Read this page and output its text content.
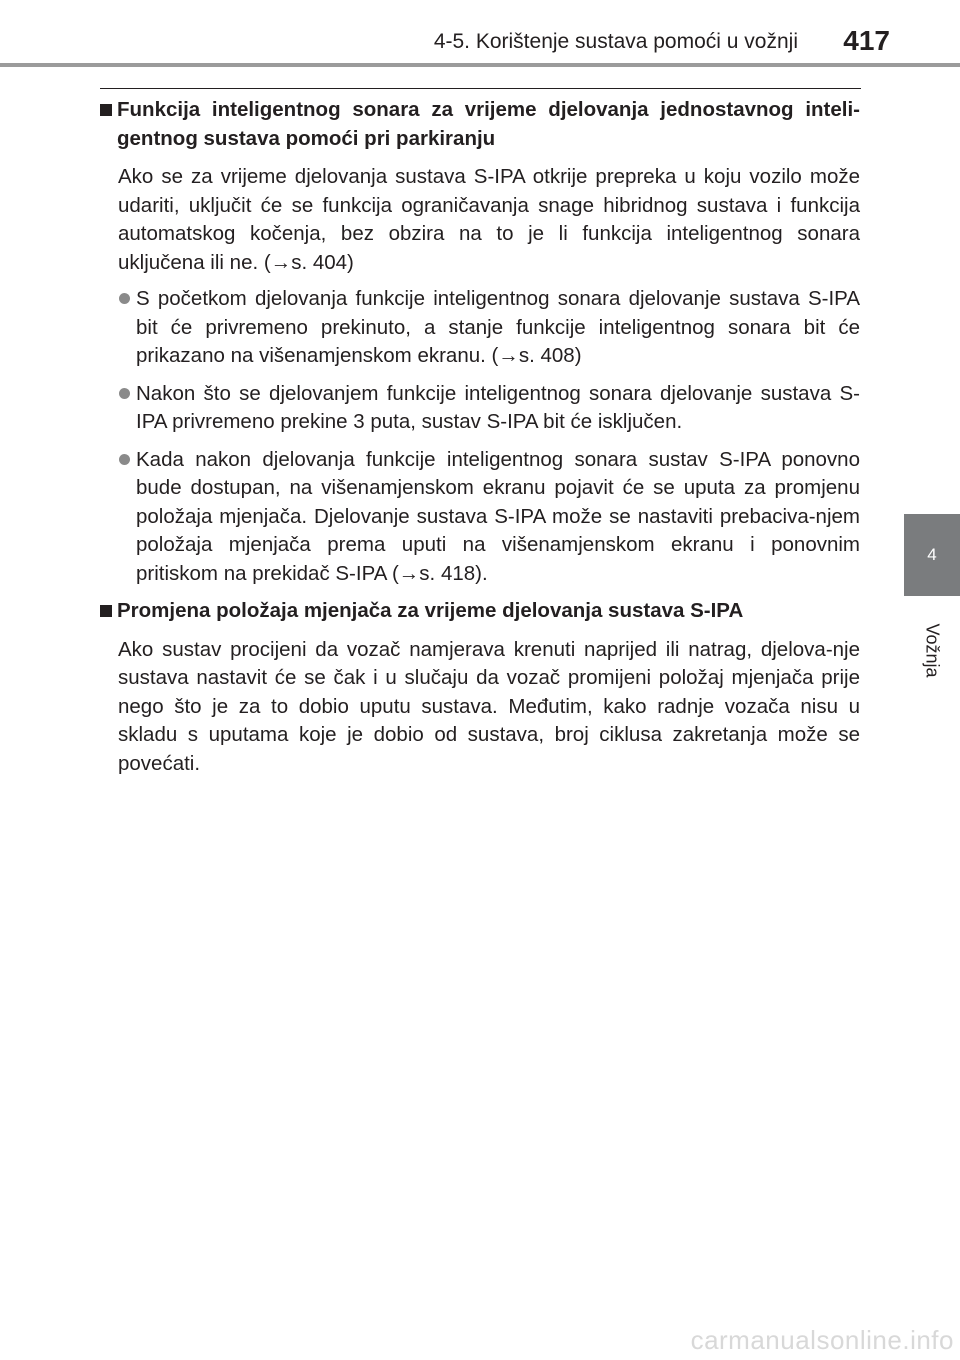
4-5. Korištenje sustava pomoći u vožnji 417
4
Vožnja
Funkcija inteligentnog sonara za vrijeme djelovanja jednostavnog inteli-gentnog sustava pomoći pri parkiranju
Ako se za vrijeme djelovanja sustava S-IPA otkrije prepreka u koju vozilo može udariti, uključit će se funkcija ograničavanja snage hibridnog sustava i funkcija automatskog kočenja, bez obzira na to je li funkcija inteligentnog sonara uključena ili ne. (→s. 404)
S početkom djelovanja funkcije inteligentnog sonara djelovanje sustava S-IPA bit će privremeno prekinuto, a stanje funkcije inteligentnog sonara bit će prikazano na višenamjenskom ekranu. (→s. 408)
Nakon što se djelovanjem funkcije inteligentnog sonara djelovanje sustava S-IPA privremeno prekine 3 puta, sustav S-IPA bit će isključen.
Kada nakon djelovanja funkcije inteligentnog sonara sustav S-IPA ponovno bude dostupan, na višenamjenskom ekranu pojavit će se uputa za promjenu položaja mjenjača. Djelovanje sustava S-IPA može se nastaviti prebaciva-njem položaja mjenjača prema uputi na višenamjenskom ekranu i ponovnim pritiskom na prekidač S-IPA (→s. 418).
Promjena položaja mjenjača za vrijeme djelovanja sustava S-IPA
Ako sustav procijeni da vozač namjerava krenuti naprijed ili natrag, djelova-nje sustava nastavit će se čak i u slučaju da vozač promijeni položaj mjenjača prije nego što je za to dobio uputu sustava. Međutim, kako radnje vozača nisu u skladu s uputama koje je dobio od sustava, broj ciklusa zakretanja može se povećati.
carmanualsonline.info
